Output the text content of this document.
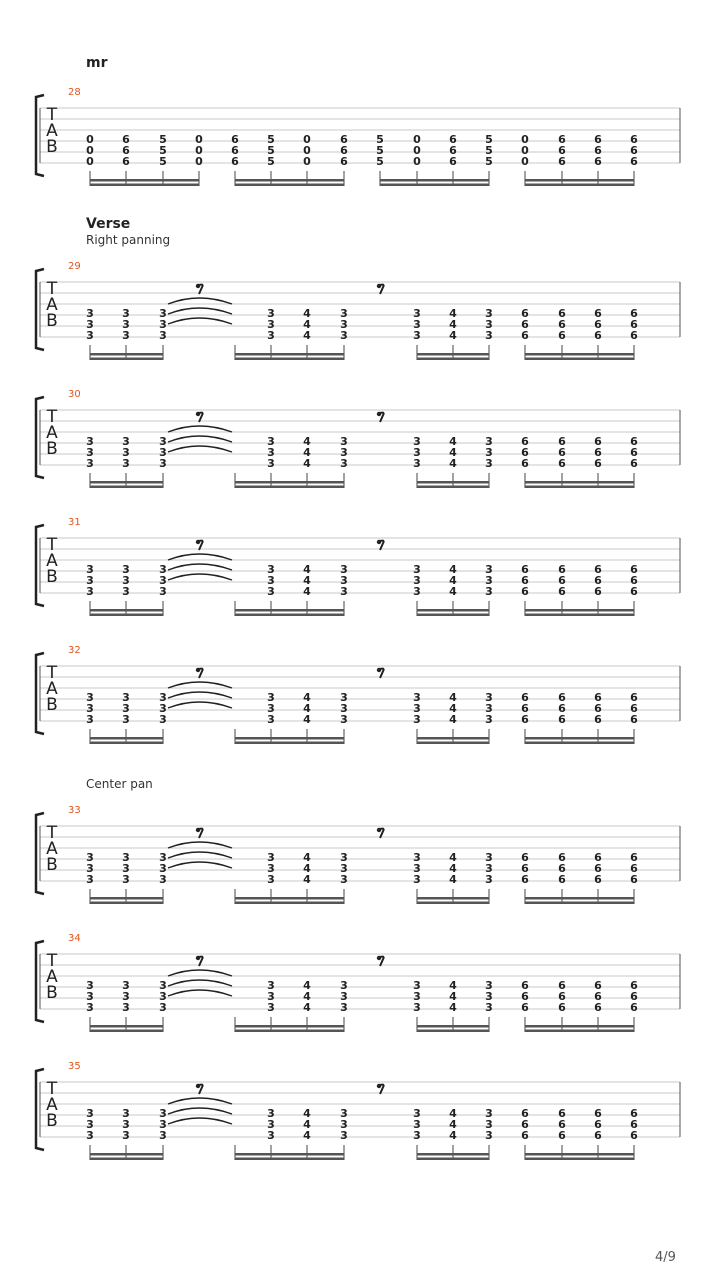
mr
Verse
Right panning
Center pan
4/9
T
A
B
28
0
0
0
6
6
6
5
5
5
0
0
0
6
6
6
5
5
5
0
0
0
6
6
6
5
5
5
0
0
0
6
6
6
5
5
5
0
0
0
6
6
6
6
6
6
6
6
6
T
A
B
29
3
3
3
3
3
3
3
3
3
3
3
3
4
4
4
3
3
3
3
3
3
4
4
4
3
3
3
6
6
6
6
6
6
6
6
6
6
6
6
T
A
B
30
3
3
3
3
3
3
3
3
3
3
3
3
4
4
4
3
3
3
3
3
3
4
4
4
3
3
3
6
6
6
6
6
6
6
6
6
6
6
6
T
A
B
31
3
3
3
3
3
3
3
3
3
3
3
3
4
4
4
3
3
3
3
3
3
4
4
4
3
3
3
6
6
6
6
6
6
6
6
6
6
6
6
T
A
B
32
3
3
3
3
3
3
3
3
3
3
3
3
4
4
4
3
3
3
3
3
3
4
4
4
3
3
3
6
6
6
6
6
6
6
6
6
6
6
6
T
A
B
33
3
3
3
3
3
3
3
3
3
3
3
3
4
4
4
3
3
3
3
3
3
4
4
4
3
3
3
6
6
6
6
6
6
6
6
6
6
6
6
T
A
B
34
3
3
3
3
3
3
3
3
3
3
3
3
4
4
4
3
3
3
3
3
3
4
4
4
3
3
3
6
6
6
6
6
6
6
6
6
6
6
6
T
A
B
35
3
3
3
3
3
3
3
3
3
3
3
3
4
4
4
3
3
3
3
3
3
4
4
4
3
3
3
6
6
6
6
6
6
6
6
6
6
6
6
